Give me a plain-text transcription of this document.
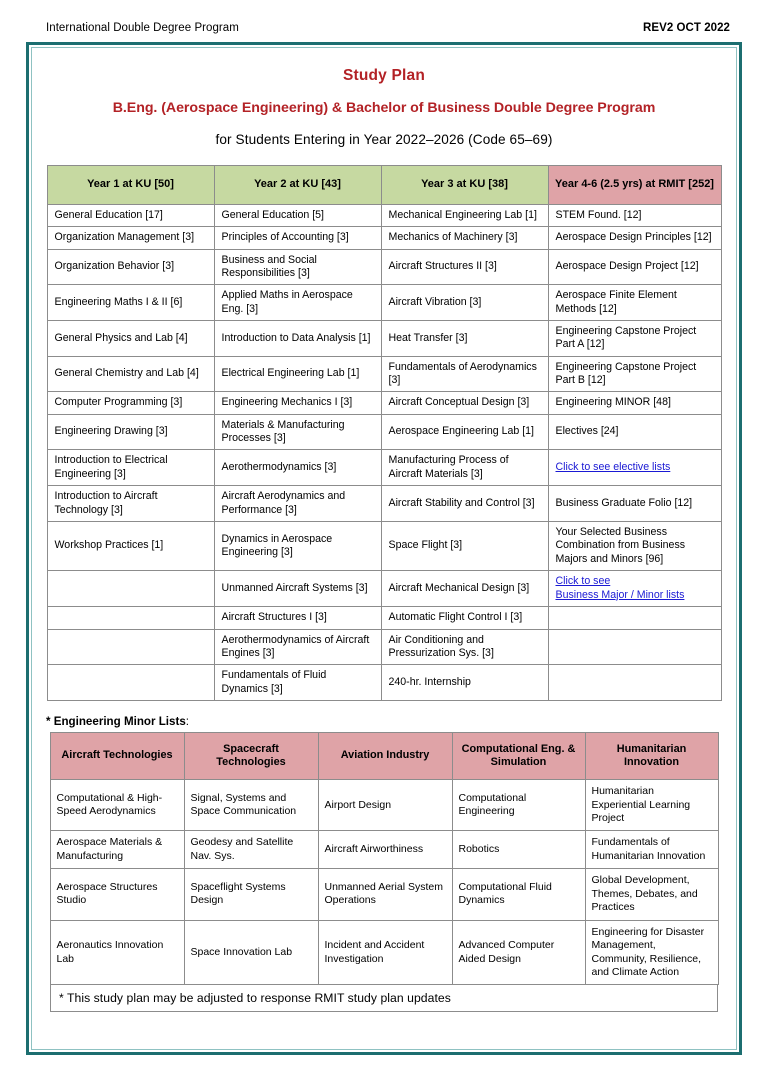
International Double Degree Program	REV2 OCT 2022
Study Plan
B.Eng. (Aerospace Engineering) & Bachelor of Business Double Degree Program
for Students Entering in Year 2022–2026 (Code 65–69)
Year 1 at KU [50]	Year 2 at KU [43]	Year 3 at KU [38]	Year 4-6 (2.5 yrs) at RMIT [252]
General Education [17]	General Education [5]	Mechanical Engineering Lab [1]	STEM Found. [12]
Organization Management [3]	Principles of Accounting [3]	Mechanics of Machinery [3]	Aerospace Design Principles [12]
Organization Behavior [3]	Business and Social Responsibilities [3]	Aircraft Structures II [3]	Aerospace Design Project [12]
Engineering Maths I & II [6]	Applied Maths in Aerospace Eng. [3]	Aircraft Vibration [3]	Aerospace Finite Element Methods [12]
General Physics and Lab [4]	Introduction to Data Analysis [1]	Heat Transfer [3]	Engineering Capstone Project Part A [12]
General Chemistry and Lab [4]	Electrical Engineering Lab [1]	Fundamentals of Aerodynamics [3]	Engineering Capstone Project Part B [12]
Computer Programming [3]	Engineering Mechanics I [3]	Aircraft Conceptual Design [3]	Engineering MINOR [48]
Engineering Drawing [3]	Materials & Manufacturing Processes [3]	Aerospace Engineering Lab [1]	Electives [24]
Introduction to Electrical Engineering [3]	Aerothermodynamics [3]	Manufacturing Process of Aircraft Materials [3]	Click to see elective lists
Introduction to Aircraft Technology [3]	Aircraft Aerodynamics and Performance [3]	Aircraft Stability and Control [3]	Business Graduate Folio [12]
Workshop Practices [1]	Dynamics in Aerospace Engineering [3]	Space Flight [3]	Your Selected Business Combination from Business Majors and Minors [96]
	Unmanned Aircraft Systems [3]	Aircraft Mechanical Design [3]	Click to see
Business Major / Minor lists
	Aircraft Structures I [3]	Automatic Flight Control I [3]	
	Aerothermodynamics of Aircraft Engines [3]	Air Conditioning and Pressurization Sys. [3]	
	Fundamentals of Fluid Dynamics [3]	240-hr. Internship	
* Engineering Minor Lists:
Aircraft Technologies	Spacecraft Technologies	Aviation Industry	Computational Eng. & Simulation	Humanitarian Innovation
Computational & High-Speed Aerodynamics	Signal, Systems and Space Communication	Airport Design	Computational Engineering	Humanitarian Experiential Learning Project
Aerospace Materials & Manufacturing	Geodesy and Satellite Nav. Sys.	Aircraft Airworthiness	Robotics	Fundamentals of Humanitarian Innovation
Aerospace Structures Studio	Spaceflight Systems Design	Unmanned Aerial System Operations	Computational Fluid Dynamics	Global Development, Themes, Debates, and Practices
Aeronautics Innovation Lab	Space Innovation Lab	Incident and Accident Investigation	Advanced Computer Aided Design	Engineering for Disaster Management, Community, Resilience, and Climate Action
* This study plan may be adjusted to response RMIT study plan updates
